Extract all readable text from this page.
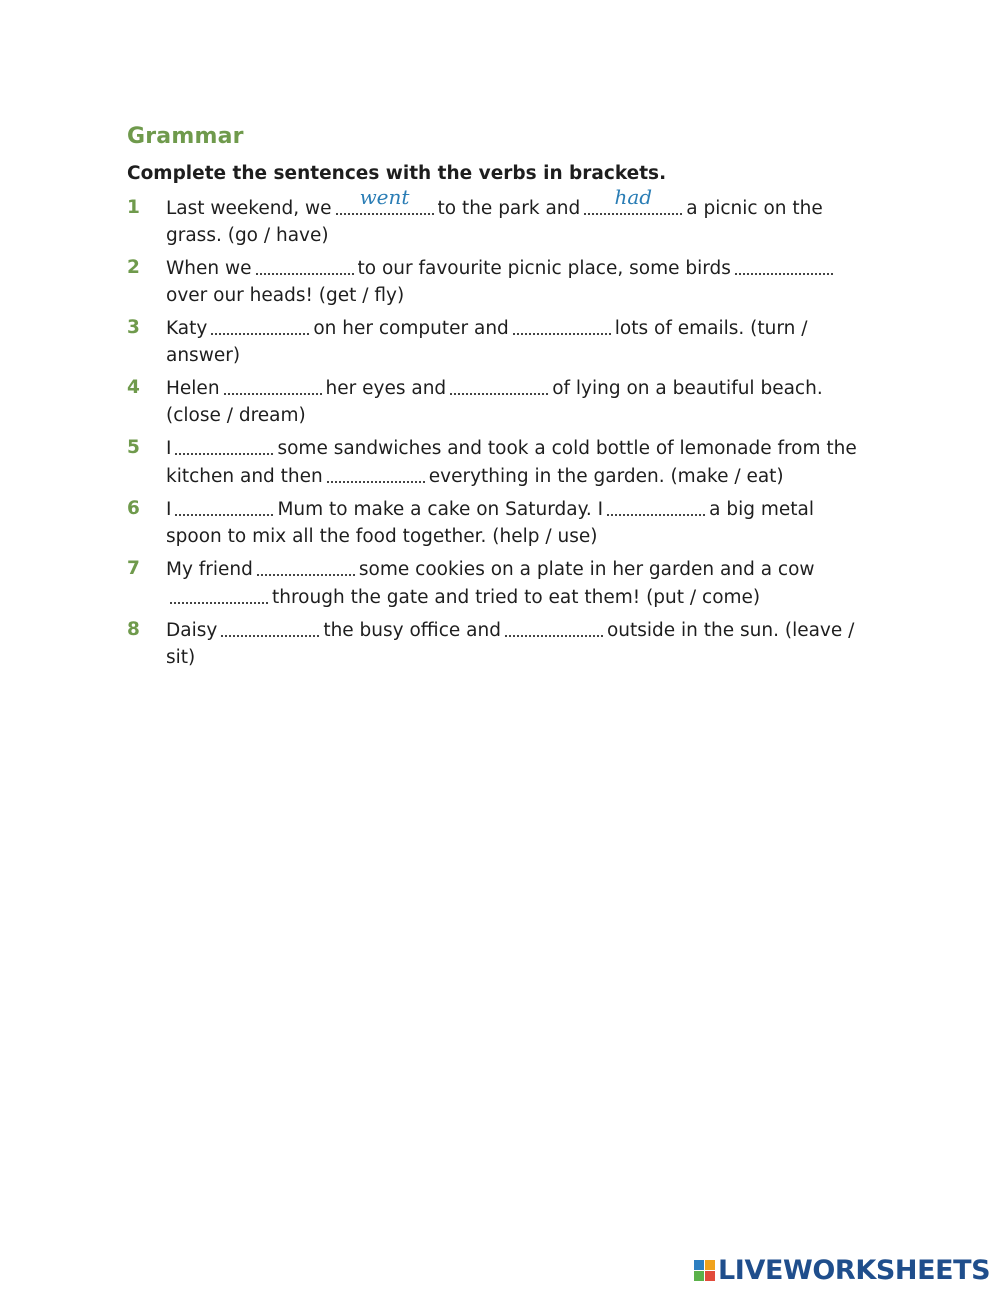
Grammar
Complete the sentences with the verbs in brackets.
1	Last weekend, we	went	to the park and	had	a picnic on the grass. (go / have)
2	When we	to our favourite picnic place, some birds
over our heads! (get / fly)
3	Katy	on her computer and	lots of emails. (turn / answer)
4	Helen	her eyes and	of lying on a beautiful beach. (close / dream)
5	I	some sandwiches and took a cold bottle of lemonade from the kitchen and then	everything in the garden. (make / eat)
6	I	Mum to make a cake on Saturday. I	a big metal spoon to mix all the food together. (help / use)
7	My friend	some cookies on a plate in her garden and a cow
through the gate and tried to eat them! (put / come)
8	Daisy	the busy office and	outside in the sun. (leave / sit)
LIVEWORKSHEETS
